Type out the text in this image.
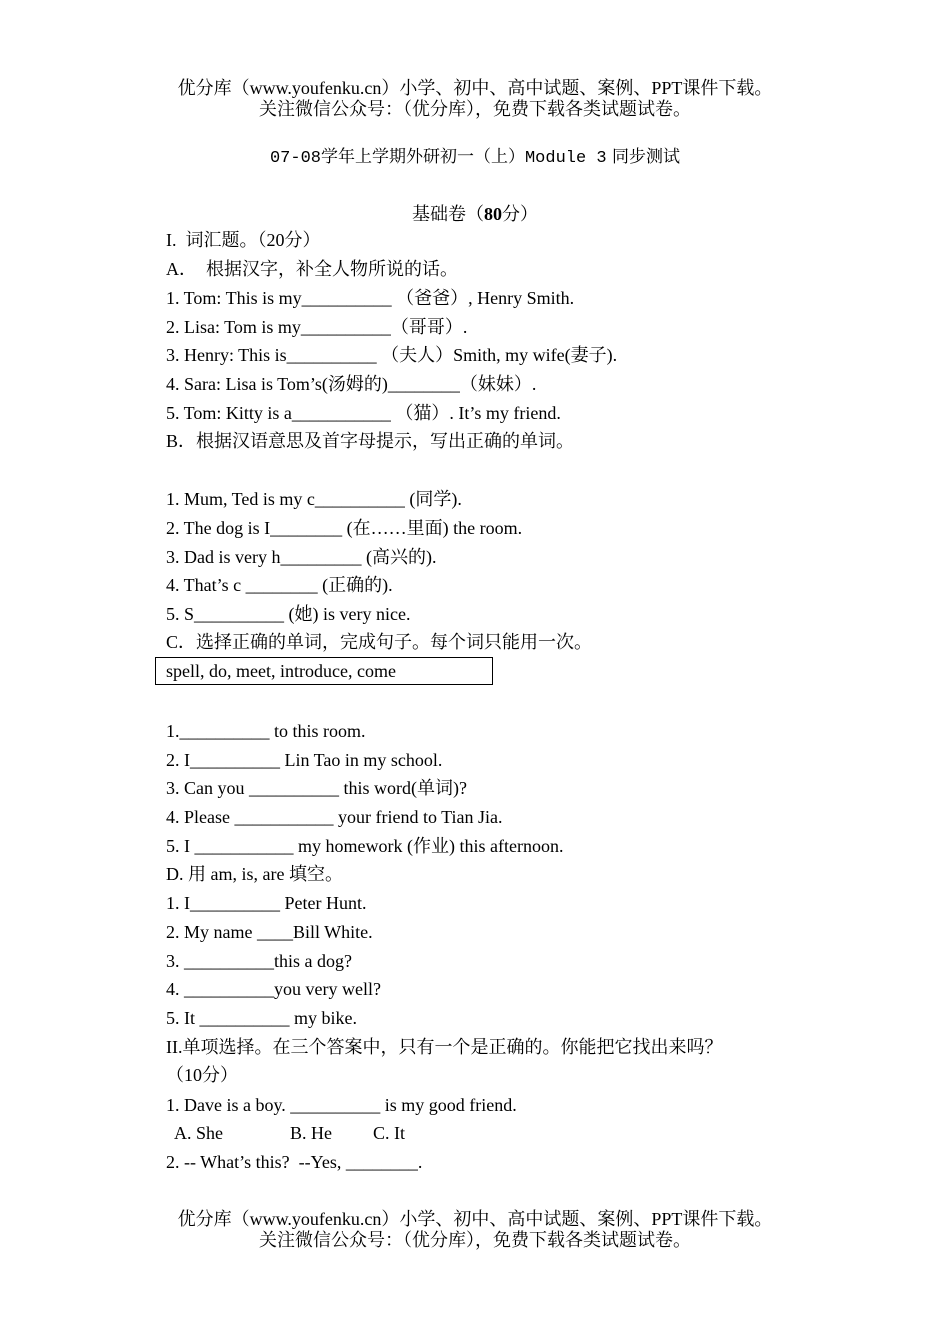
优分库（www.youfenku.cn）小学、初中、高中试题、案例、PPT课件下载。
关注微信公众号：（优分库），免费下载各类试题试卷。
07-08学年上学期外研初一（上）Module 3 同步测试
基础卷（80分）
I.  词汇题。（20分）
A．  根据汉字，补全人物所说的话。
1. Tom: This is my__________ （爸爸）, Henry Smith.
2. Lisa: Tom is my__________（哥哥）.
3. Henry: This is__________ （夫人）Smith, my wife(妻子).
4. Sara: Lisa is Tom’s(汤姆的)________（妹妹）.
5. Tom: Kitty is a___________ （猫）. It’s my friend.
B．根据汉语意思及首字母提示，写出正确的单词。
1. Mum, Ted is my c__________ (同学).
2. The dog is I________ (在……里面) the room.
3. Dad is very h_________ (高兴的).
4. That’s c ________ (正确的).
5. S__________ (她) is very nice.
C．选择正确的单词，完成句子。每个词只能用一次。
spell, do, meet, introduce, come
1.__________ to this room.
2. I__________ Lin Tao in my school.
3. Can you __________ this word(单词)?
4. Please ___________ your friend to Tian Jia.
5. I ___________ my homework (作业) this afternoon.
D. 用 am, is, are 填空。
1. I__________ Peter Hunt.
2. My name ____Bill White.
3. __________this a dog?
4. __________you very well?
5. It __________ my bike.
II.单项选择。在三个答案中，只有一个是正确的。你能把它找出来吗？
（10分）
1. Dave is a boy. __________ is my good friend.
A. She	B. He C. It
2. -- What’s this?  --Yes, ________.
优分库（www.youfenku.cn）小学、初中、高中试题、案例、PPT课件下载。
关注微信公众号：（优分库），免费下载各类试题试卷。
